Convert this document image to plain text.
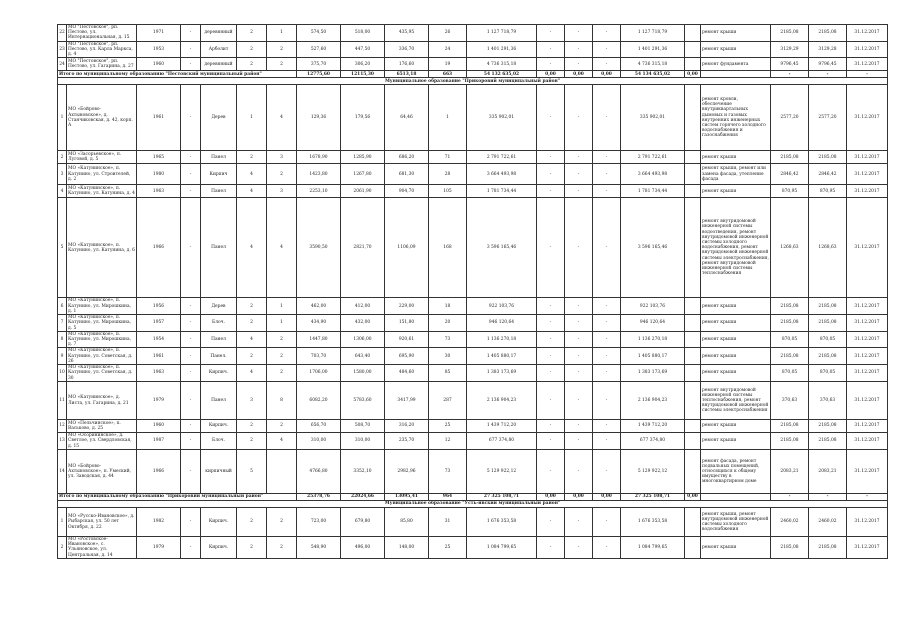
22	МО "Пестовское", рп. Пестово, ул. Интернациональная, д. 15	1971	-	деревянный	2	1	574,50	518,00	435,95	26	1 127 718,79	-	-	-	1 127 718,79		ремонт крыши	2185,08	2185,08	31.12.2017
23	МО "Пестовское", рп. Пестово, ул. Карла Маркса, д. 4	1953	-	Арболит	2	2	527,60	447,50	336,70	24	1 401 291,36	-	-	-	1 401 291,36		ремонт крыши	3129,29	3129,28	31.12.2017
24	МО "Пестовское", рп. Пестово, ул. Гагарина, д. 27	1960	-	деревянный	2	2	375,70	306,20	176,60	19	4 736 315,18	-	-	-	4 736 315,18		ремонт фундамента	9796,45	9796,45	31.12.2017
Итого по муниципальному образованию "Пестовский муниципальный район"							12775,60	12115,30	6513,18	663	54 132 635,02	0,00	0,00	0,00	54 134 635,02	0,00		-	-	-
Муниципальное образование "Прикоровий муниципальный район"																				
1	МО «Бойрово-Ахтыновское», д. Станчиковская, д. 42, корп. А	1961	-	Дерев	1	4	129,36	179,56	64,46	1	335 902,01	-	-	-	335 902,01		ремонт кровли, обеспечение внутриквартальных дымовых и газовых внутренних инженерных систем горячего холодного водоснабжения и газоснабжения	2577,20	2577,20	31.12.2017
2	МО «Засорьевское», п. Луговой, д. 5	1965	-	Панел	2	3	1678,90	1285,90	686,20	71	2 791 722,61	-	-	-	2 791 722,61		ремонт крыши	2185,08	2185,08	31.12.2017
3	МО «Катунинское», п. Катунино, ул. Строителей, д. 2	1980	-	Кирпич	4	2	1423,80	1267,80	681,30	28	3 664 493,98	-	-	-	3 664 493,98		ремонт крыши, ремонт или замена фасада, утепление фасада	2846,42	2846,42	31.12.2017
4	МО «Катунинское», п. Катунино, ул. Катунина, д. 4	1963	-	Панел	4	3	2253,10	2061,90	904,70	105	1 781 734,44	-	-	-	1 781 734,44		ремонт крыши	870,95	870,95	31.12.2017
5	МО «Катунинское», п. Катунино, ул. Катунина, д. 6	1966	-	Панел	4	4	3590,50	2821,70	1106,09	168	3 596 165,46	-	-	-	3 596 165,46		ремонт внутридомовой инженерной системы водоотведения, ремонт внутридомовой инженерной системы холодного водоснабжения, ремонт внутридомовой инженерной системы электроснабжения, ремонт внутридомовой инженерной системы теплоснабжения	1268,63	1268,63	31.12.2017
6	МО «Катунинское», п. Катунино, ул. Мирошкина, д. 1	1956	-	Дерев	2	1	462,00	412,00	229,00	18	922 103,76	-	-	-	922 103,76		ремонт крыши	2185,08	2185,08	31.12.2017
7	МО «Катунинское», п. Катунино, ул. Мирошкина, д. 5	1957	-	Блоч.	2	1	434,90	432,00	151,80	20	946 120,64	-	-	-	946 120,64		ремонт крыши	2185,08	2185,08	31.12.2017
8	МО «Катунинское», п. Катунино, ул. Мирошкина, д. 7	1954	-	Панел	4	2	1447,80	1306,00	920,61	73	1 136 270,18	-	-	-	1 136 270,18		ремонт крыши	870,05	870,05	31.12.2017
9	МО «Катунинское», п. Катунино, ул. Советская, д. 26	1961	-	Панел.	2	2	703,70	643,40	695,90	30	1 405 880,17	-	-	-	1 405 880,17		ремонт крыши	2185,08	2185,08	31.12.2017
10	МО «Катунинское», п. Катунино, ул. Советская, д. 30	1963	-	Кирпич.	4	2	1706,00	1580,00	484,60	85	1 383 173,69	-	-	-	1 383 173,69		ремонт крыши	870,05	870,05	31.12.2017
11	МО «Катунинское», д. Листа, ул. Гагарина, д. 21	1979	-	Панел	3	8	6082,20	5783,60	3417,99	287	2 136 904,23	-	-	-	2 136 904,23		ремонт внутридомовой инженерной системы теплоснабжения, ремонт внутридомовой инженерной системы электроснабжения	370,63	370,63	31.12.2017
12	МО «Пельчинское», п. Васьково, д. 25	1960	-	Кирпич.	2	2	656,70	508,70	316,20	25	1 439 712,20	-	-	-	1 439 712,20		ремонт крыши	2185,08	2185,08	31.12.2017
13	МО «Осорининское», д. Светлое, ул. Свердловская, д. 15	1987	-	Блоч.	2	4	310,00	310,00	235,70	12	677 374,80	-	-	-	677 374,80		ремонт крыши	2185,08	2185,08	31.12.2017
14	МО «Бойрово-Ахтыновское», п. Умеский, ул. Заводская, д. 44	1966	-	кирпичный	5		4766,80	3352,10	2982,96	73	5 129 922,12	-	-	-	5 129 922,12		ремонт фасада, ремонт подвальных помещений, относящихся к общему имуществу в многоквартирном доме	2083,21	2083,21	31.12.2017
Итого по муниципальному образованию "Прикоровий муниципальный район"							25378,76	22024,66	13095,41	964	27 325 108,71	0,00	0,00	0,00	27 325 108,71	0,00		-	-	-
Муниципальное образование "Усть-ивский муниципальный район"																				
1	МО «Русско-Ивановское», д. Рыбарская, ул. 50 лет Октября, д. 22	1982	-	Кирпич.	2	2	723,00	679,80	85,80	31	1 676 353,58	-	-	-	1 676 353,58		ремонт крыши, ремонт внутридомовой инженерной системы холодного водоснабжения	2460,02	2460,02	31.12.2017
2	МО «Ростовское-Ивановское», с. Ульяновское, ул. Центральная, д. 14	1979	-	Кирпич.	2	2	548,90	496,00	148,00	25	1 084 799,65	-	-	-	1 084 799,65		ремонт крыши	2185,08	2185,08	31.12.2017
